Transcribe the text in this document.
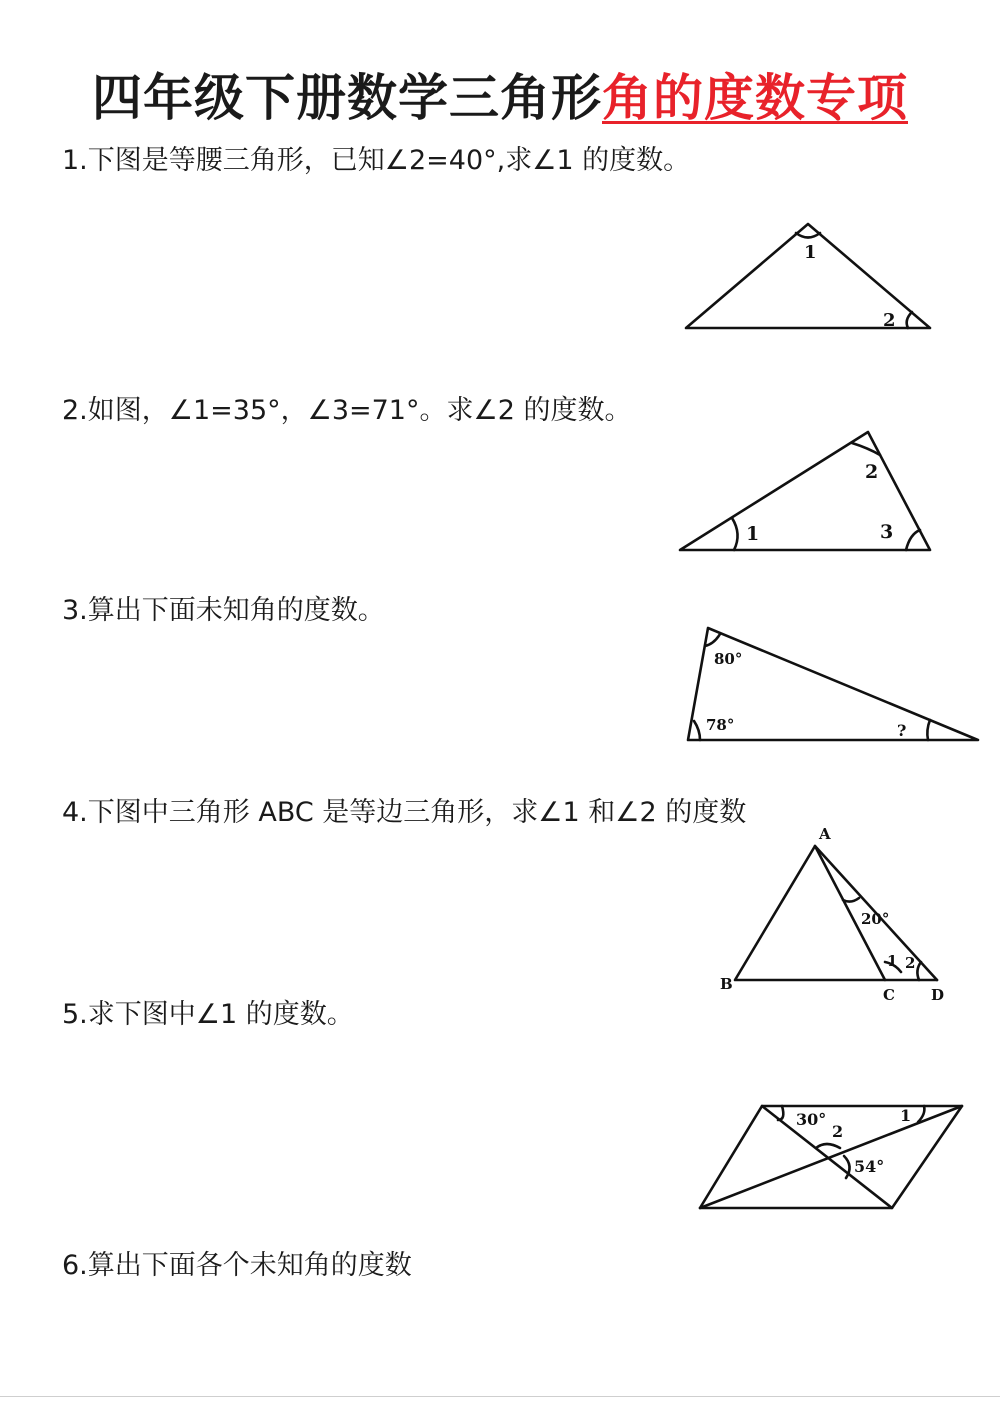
四年级下册数学三角形角的度数专项
1.下图是等腰三角形，已知∠2=40°,求∠1 的度数。
1
2
2.如图，∠1=35°，∠3=71°。求∠2 的度数。
1
2
3
3.算出下面未知角的度数。
80°
78°	?
4.下图中三角形 ABC 是等边三角形，求∠1 和∠2 的度数
A
B
C D
20°
1 2
5.求下图中∠1 的度数。
30°
2
1
54°
6.算出下面各个未知角的度数
